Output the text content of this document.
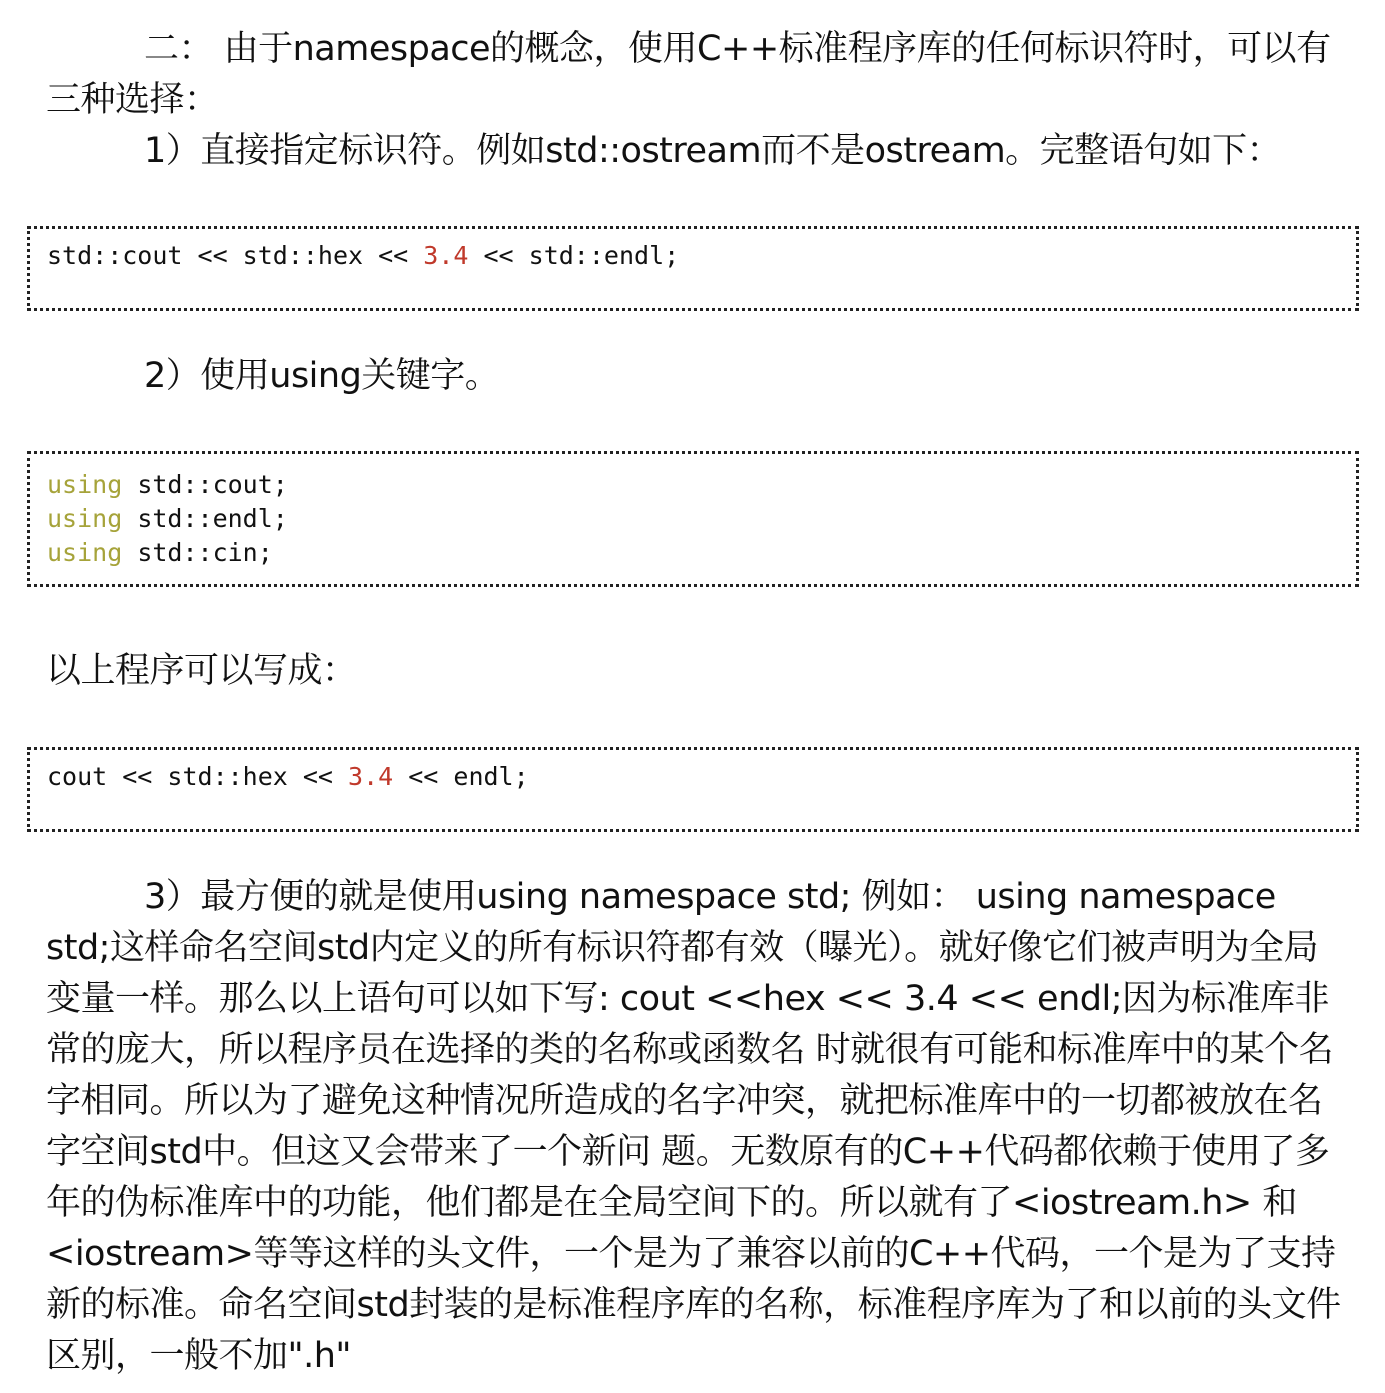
二： 由于namespace的概念，使用C++标准程序库的任何标识符时，可以有三种选择：

1）直接指定标识符。例如std::ostream而不是ostream。完整语句如下：

std::cout << std::hex << 3.4 << std::endl;

2）使用using关键字。

using std::cout;
using std::endl;
using std::cin;

以上程序可以写成：

cout << std::hex << 3.4 << endl;

3）最方便的就是使用using namespace std; 例如： using namespace std;这样命名空间std内定义的所有标识符都有效（曝光）。就好像它们被声明为全局变量一样。那么以上语句可以如下写: cout <<hex << 3.4 << endl;因为标准库非常的庞大，所以程序员在选择的类的名称或函数名 时就很有可能和标准库中的某个名字相同。所以为了避免这种情况所造成的名字冲突，就把标准库中的一切都被放在名字空间std中。但这又会带来了一个新问 题。无数原有的C++代码都依赖于使用了多年的伪标准库中的功能，他们都是在全局空间下的。所以就有了<iostream.h> 和<iostream>等等这样的头文件，一个是为了兼容以前的C++代码，一个是为了支持新的标准。命名空间std封装的是标准程序库的名称，标准程序库为了和以前的头文件区别，一般不加".h"
